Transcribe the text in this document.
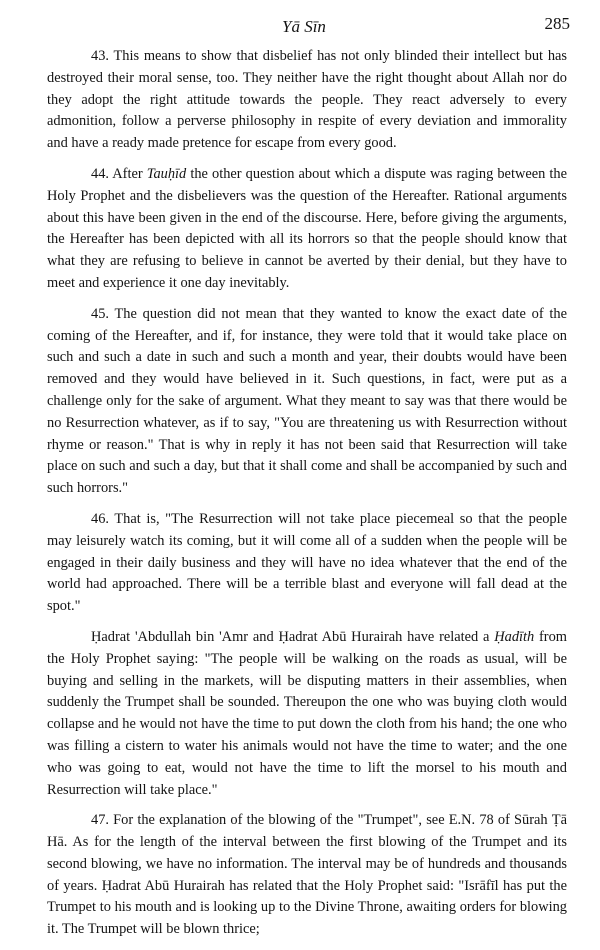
Yā Sīn	285

43. This means to show that disbelief has not only blinded their intellect but has destroyed their moral sense, too. They neither have the right thought about Allah nor do they adopt the right attitude towards the people. They react adversely to every admonition, follow a perverse philosophy in respite of every deviation and immorality and have a ready made pretence for escape from every good.

44. After Tauḥīd the other question about which a dispute was raging between the Holy Prophet and the disbelievers was the question of the Hereafter. Rational arguments about this have been given in the end of the discourse. Here, before giving the arguments, the Hereafter has been depicted with all its horrors so that the people should know that what they are refusing to believe in cannot be averted by their denial, but they have to meet and experience it one day inevitably.

45. The question did not mean that they wanted to know the exact date of the coming of the Hereafter, and if, for instance, they were told that it would take place on such and such a date in such and such a month and year, their doubts would have been removed and they would have believed in it. Such questions, in fact, were put as a challenge only for the sake of argument. What they meant to say was that there would be no Resurrection whatever, as if to say, "You are threatening us with Resurrection without rhyme or reason." That is why in reply it has not been said that Resurrection will take place on such and such a day, but that it shall come and shall be accompanied by such and such horrors."

46. That is, "The Resurrection will not take place piecemeal so that the people may leisurely watch its coming, but it will come all of a sudden when the people will be engaged in their daily business and they will have no idea whatever that the end of the world had approached. There will be a terrible blast and everyone will fall dead at the spot."

Ḥadrat 'Abdullah bin 'Amr and Ḥadrat Abū Hurairah have related a Ḥadīth from the Holy Prophet saying: "The people will be walking on the roads as usual, will be buying and selling in the markets, will be disputing matters in their assemblies, when suddenly the Trumpet shall be sounded. Thereupon the one who was buying cloth would collapse and he would not have the time to put down the cloth from his hand; the one who was filling a cistern to water his animals would not have the time to water; and the one who was going to eat, would not have the time to lift the morsel to his mouth and Resurrection will take place."

47. For the explanation of the blowing of the "Trumpet", see E.N. 78 of Sūrah Ṭā Hā. As for the length of the interval between the first blowing of the Trumpet and its second blowing, we have no information. The interval may be of hundreds and thousands of years. Ḥadrat Abū Hurairah has related that the Holy Prophet said: "Isrāfīl has put the Trumpet to his mouth and is looking up to the Divine Throne, awaiting orders for blowing it. The Trumpet will be blown thrice;
